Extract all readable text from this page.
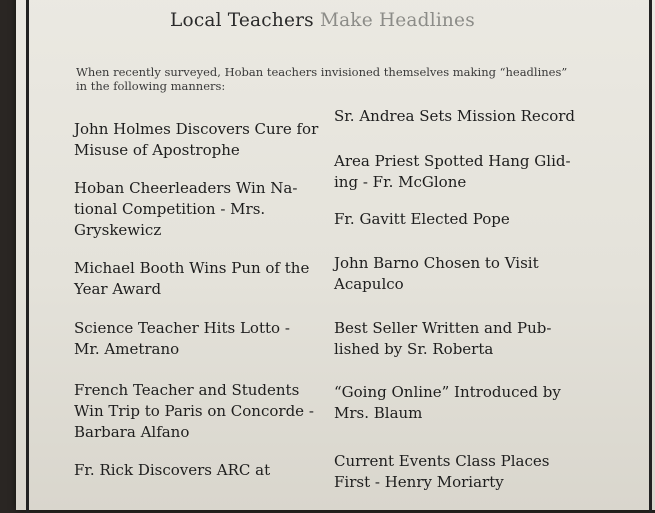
Local Teachers Make Headlines
When recently surveyed, Hoban teachers invisioned themselves making “headlines”
in the following manners:
John Holmes Discovers Cure for
Misuse of Apostrophe
Hoban Cheerleaders Win Na-
tional Competition - Mrs.
Gryskewicz
Michael Booth Wins Pun of the
Year Award
Science Teacher Hits Lotto -
Mr. Ametrano
French Teacher and Students
Win Trip to Paris on Concorde -
Barbara Alfano
Fr. Rick Discovers ARC at
Sr. Andrea Sets Mission Record
Area Priest Spotted Hang Glid-
ing - Fr. McGlone
Fr. Gavitt Elected Pope
John Barno Chosen to Visit
Acapulco
Best Seller Written and Pub-
lished by Sr. Roberta
“Going Online” Introduced by
Mrs. Blaum
Current Events Class Places
First - Henry Moriarty
